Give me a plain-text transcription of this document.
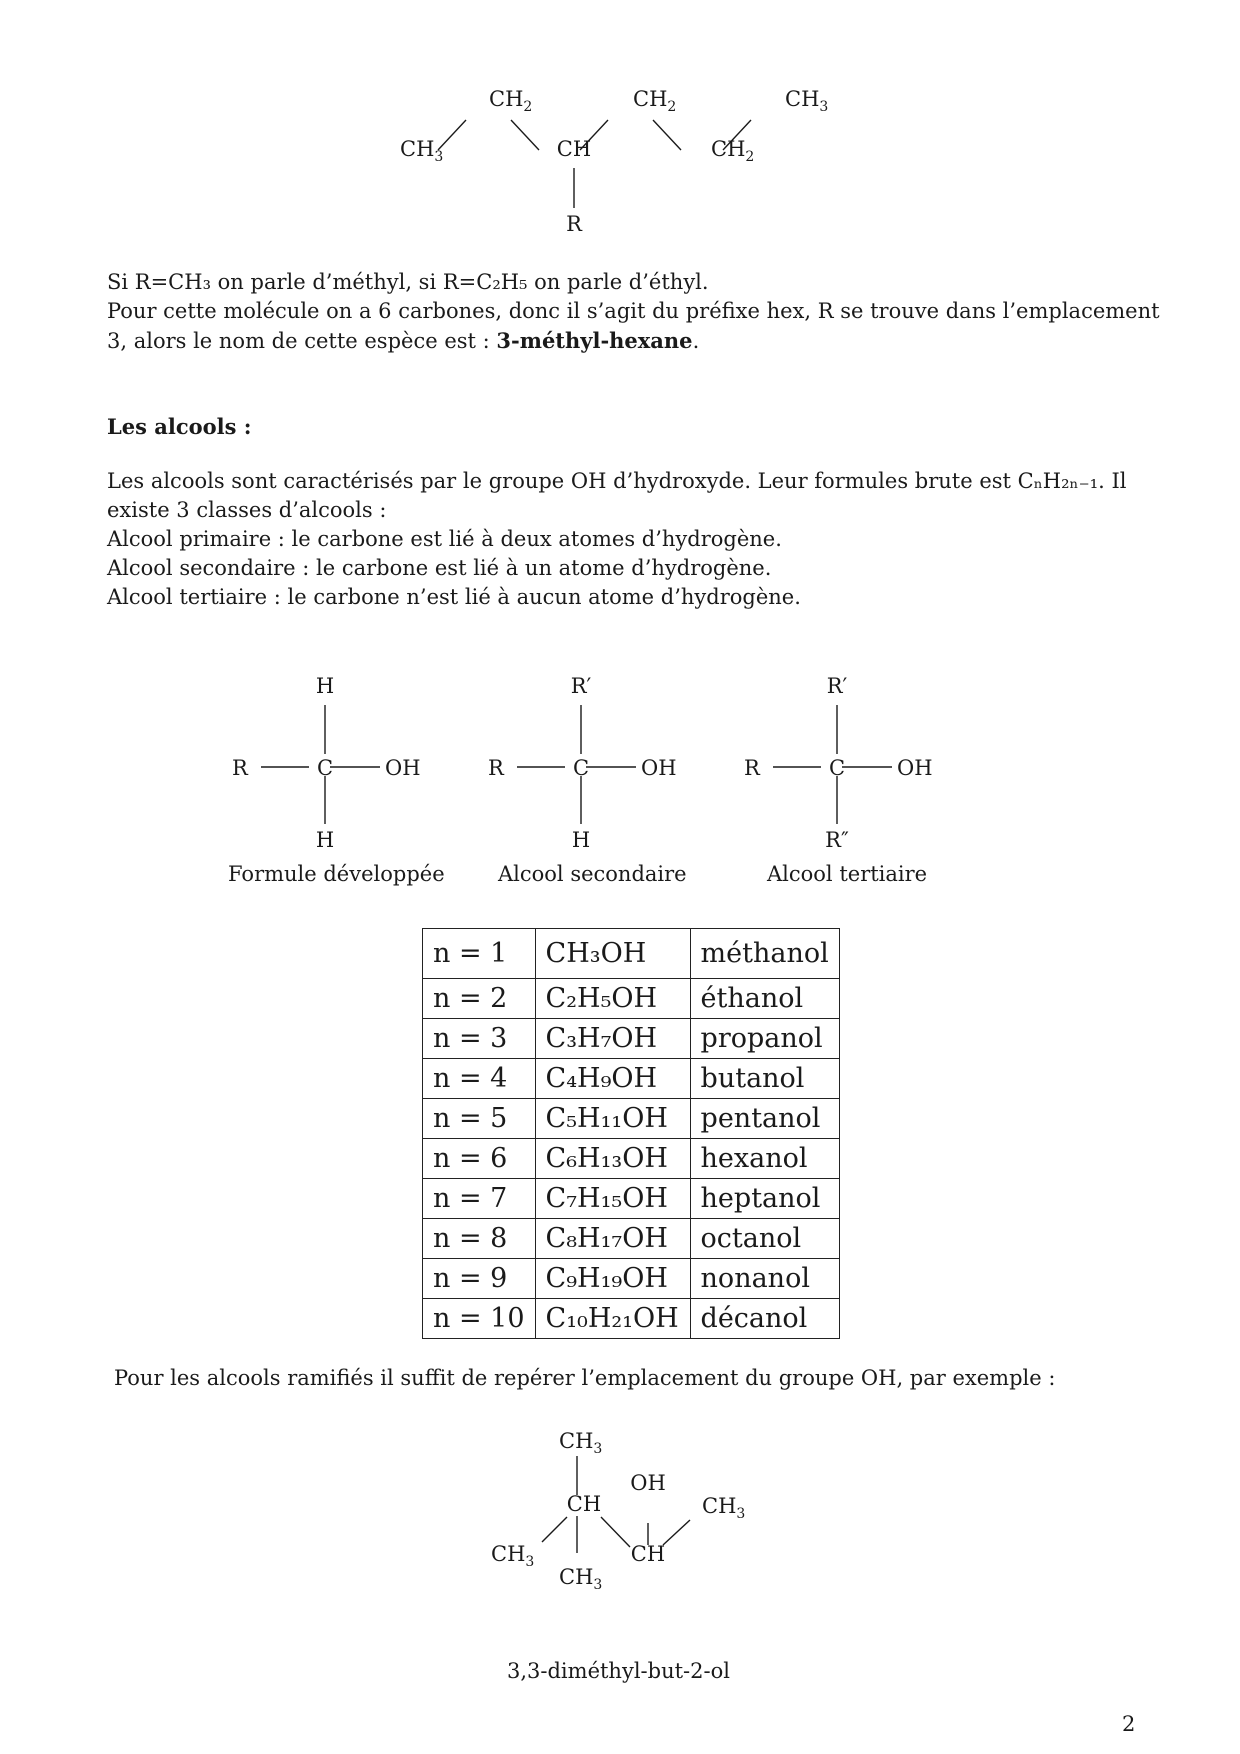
$CH_3$
$CH_2$
CH
$CH_2$
$CH_2$
$CH_3$
R
Si R=CH₃ on parle d’méthyl, si R=C₂H₅ on parle d’éthyl.
Pour cette molécule on a 6 carbones, donc il s’agit du préfixe hex, R se trouve dans l’emplacement
3, alors le nom de cette espèce est : 3-méthyl-hexane.
Les alcools :
Les alcools sont caractérisés par le groupe OH d’hydroxyde. Leur formules brute est CₙH₂ₙ₋₁. Il
existe 3 classes d’alcools :
Alcool primaire : le carbone est lié à deux atomes d’hydrogène.
Alcool secondaire : le carbone est lié à un atome d’hydrogène.
Alcool tertiaire : le carbone n’est lié à aucun atome d’hydrogène.
H
R	C OH
H
R′
R	C OH
H
R′
R	C OH
R″
Formule développée	Alcool secondaire	Alcool tertiaire
n = 1	CH₃OH	méthanol
n = 2	C₂H₅OH	éthanol
n = 3	C₃H₇OH	propanol
n = 4	C₄H₉OH	butanol
n = 5	C₅H₁₁OH	pentanol
n = 6	C₆H₁₃OH	hexanol
n = 7	C₇H₁₅OH	heptanol
n = 8	C₈H₁₇OH	octanol
n = 9	C₉H₁₉OH	nonanol
n = 10	C₁₀H₂₁OH	décanol
Pour les alcools ramifiés il suffit de repérer l’emplacement du groupe OH, par exemple :
$CH_3$
CH
OH
$CH_3$
$CH_3$	CH
$CH_3$
3,3-diméthyl-but-2-ol
2
